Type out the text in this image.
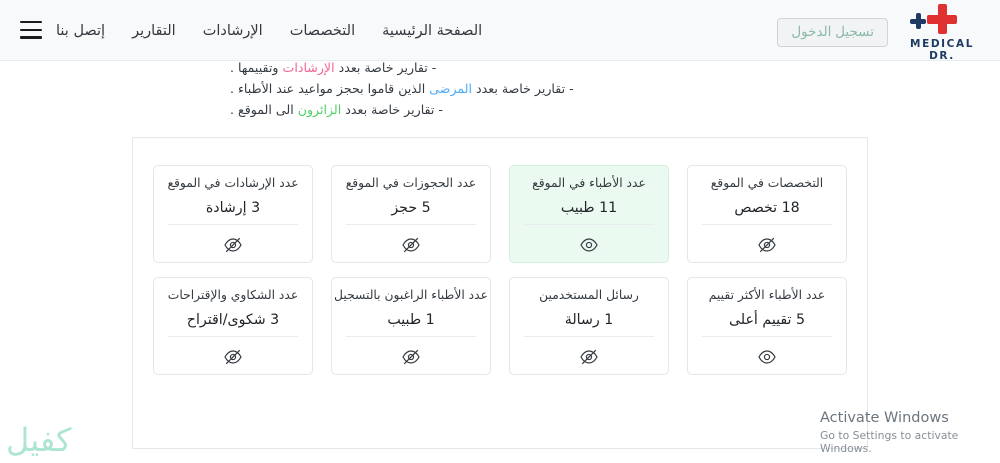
MEDICAL DR.
تسجيل الدخول
الصفحة الرئيسية
التخصصات
الإرشادات
التقارير
إتصل بنا

- تقارير خاصة بعدد الإرشادات وتقييمها .

- تقارير خاصة بعدد المرضى الذين قاموا بحجز مواعيد عند الأطباء .

- تقارير خاصة بعدد الزائرون الى الموقع .

التخصصات في الموقع
18 تخصص
عدد الأطباء في الموقع
11 طبيب
عدد الحجوزات في الموقع
5 حجز
عدد الإرشادات في الموقع
3 إرشادة
عدد الأطباء الأكثر تقييم
5 تقييم أعلى
رسائل المستخدمين
1 رسالة
عدد الأطباء الراغبون بالتسجيل
1 طبيب
عدد الشكاوي والإقتراحات
3 شكوى/اقتراح
Activate Windows
Go to Settings to activate Windows.
كفيل
